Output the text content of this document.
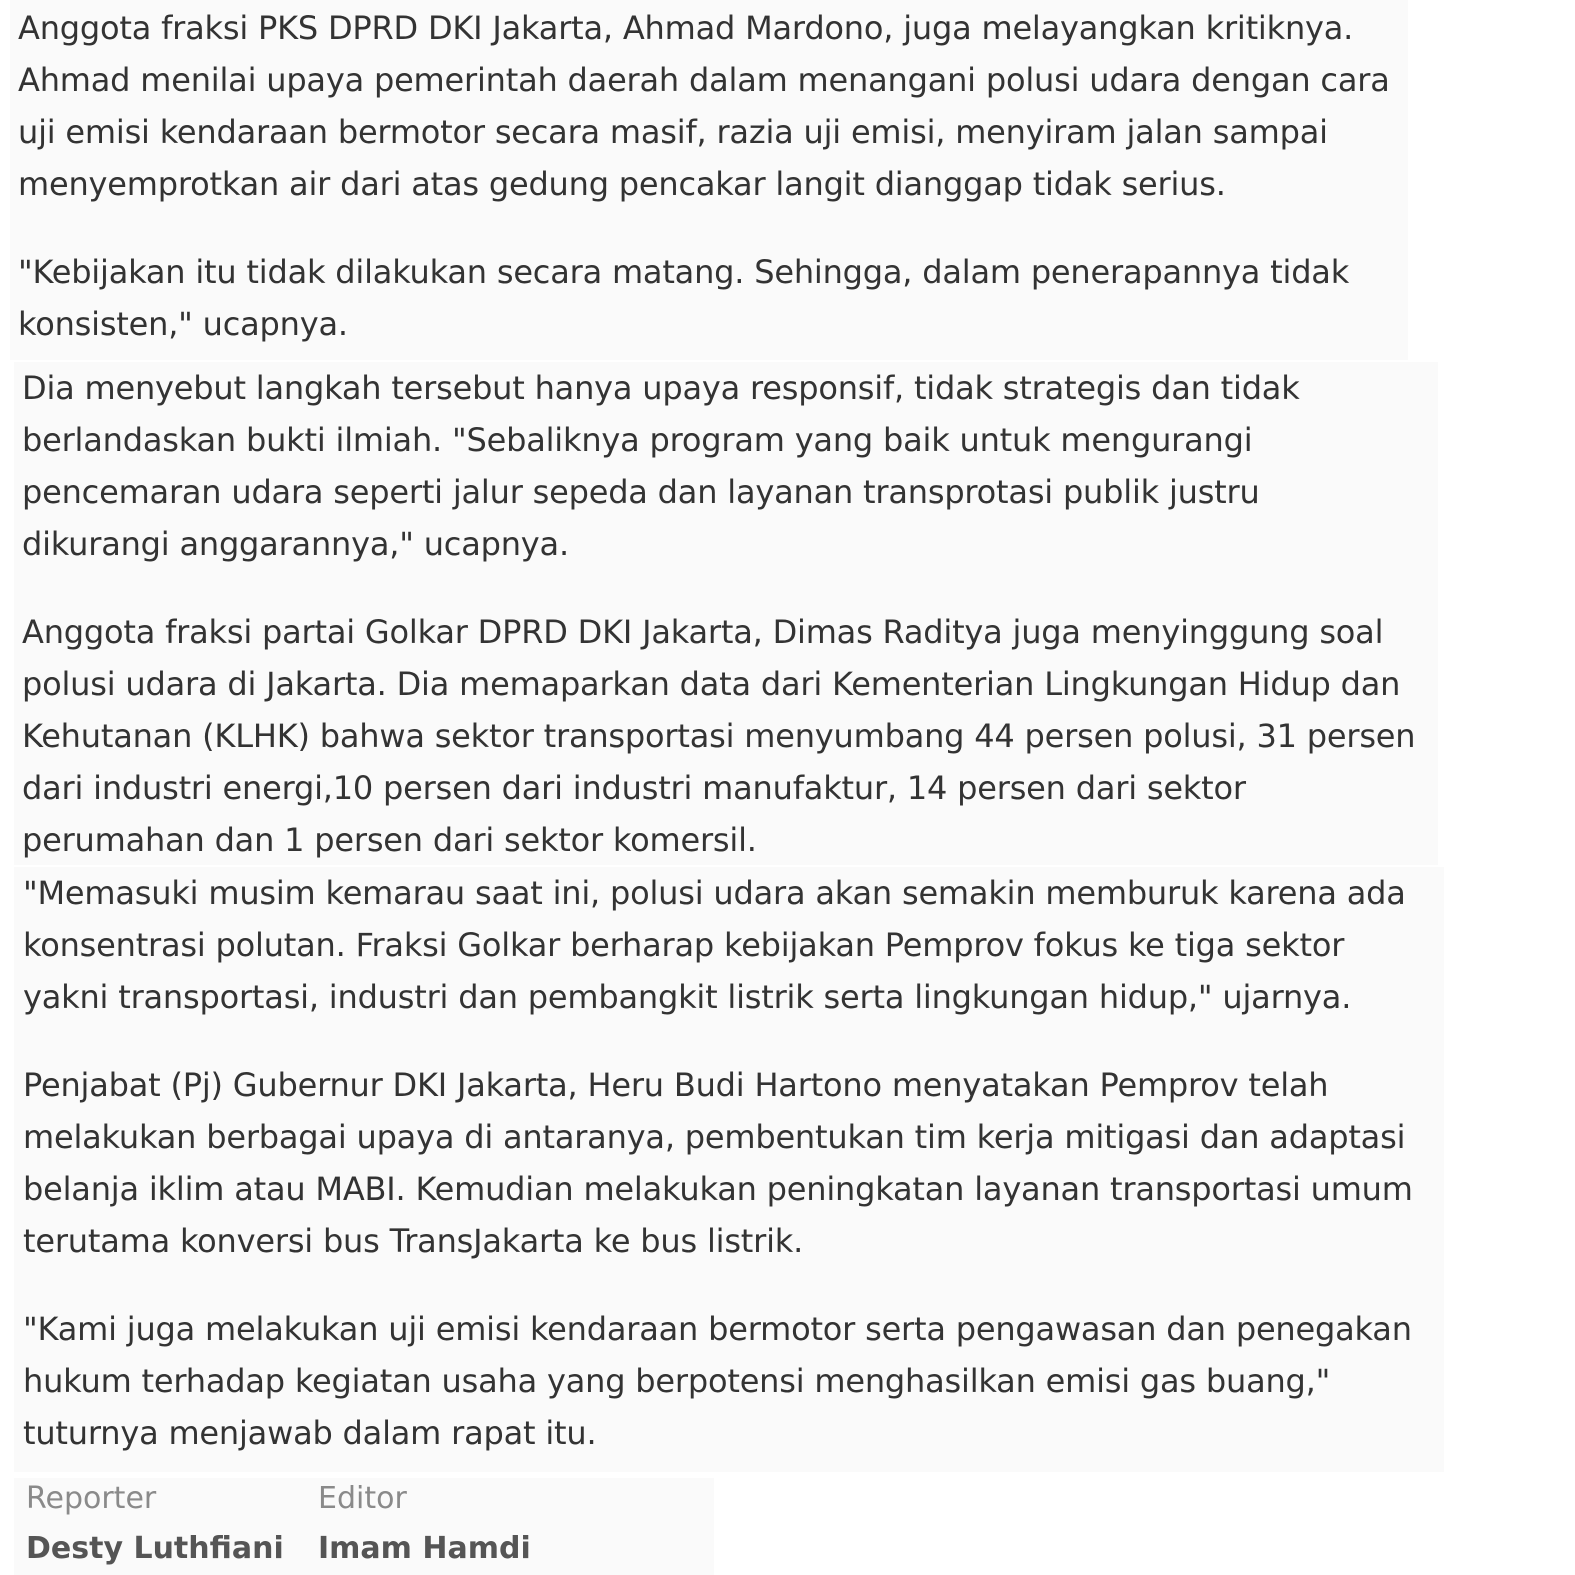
Anggota fraksi PKS DPRD DKI Jakarta, Ahmad Mardono, juga melayangkan kritiknya.
Ahmad menilai upaya pemerintah daerah dalam menangani polusi udara dengan cara
uji emisi kendaraan bermotor secara masif, razia uji emisi, menyiram jalan sampai
menyemprotkan air dari atas gedung pencakar langit dianggap tidak serius.

"Kebijakan itu tidak dilakukan secara matang. Sehingga, dalam penerapannya tidak
konsisten," ucapnya.

Dia menyebut langkah tersebut hanya upaya responsif, tidak strategis dan tidak
berlandaskan bukti ilmiah. "Sebaliknya program yang baik untuk mengurangi
pencemaran udara seperti jalur sepeda dan layanan transprotasi publik justru
dikurangi anggarannya," ucapnya.

Anggota fraksi partai Golkar DPRD DKI Jakarta, Dimas Raditya juga menyinggung soal
polusi udara di Jakarta. Dia memaparkan data dari Kementerian Lingkungan Hidup dan
Kehutanan (KLHK) bahwa sektor transportasi menyumbang 44 persen polusi, 31 persen
dari industri energi,10 persen dari industri manufaktur, 14 persen dari sektor
perumahan dan 1 persen dari sektor komersil.

"Memasuki musim kemarau saat ini, polusi udara akan semakin memburuk karena ada
konsentrasi polutan. Fraksi Golkar berharap kebijakan Pemprov fokus ke tiga sektor
yakni transportasi, industri dan pembangkit listrik serta lingkungan hidup," ujarnya.

Penjabat (Pj) Gubernur DKI Jakarta, Heru Budi Hartono menyatakan Pemprov telah
melakukan berbagai upaya di antaranya, pembentukan tim kerja mitigasi dan adaptasi
belanja iklim atau MABI. Kemudian melakukan peningkatan layanan transportasi umum
terutama konversi bus TransJakarta ke bus listrik.

"Kami juga melakukan uji emisi kendaraan bermotor serta pengawasan dan penegakan
hukum terhadap kegiatan usaha yang berpotensi menghasilkan emisi gas buang,"
tuturnya menjawab dalam rapat itu.

Reporter
Desty Luthfiani
Editor
Imam Hamdi
